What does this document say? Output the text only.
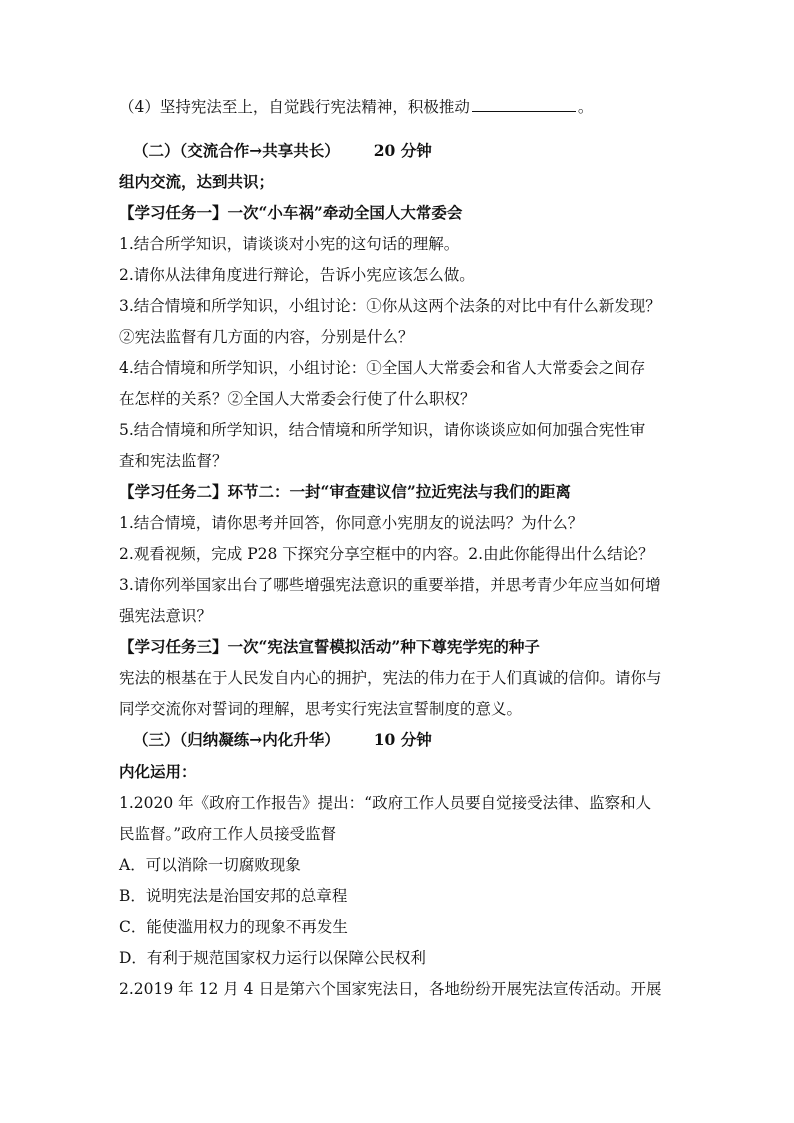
（4）坚持宪法至上，自觉践行宪法精神，积极推动	。
（二）（交流合作→共享共长） 20 分钟
组内交流，达到共识；
【学习任务一】一次“小车祸”牵动全国人大常委会
1.结合所学知识，请谈谈对小宪的这句话的理解。
2.请你从法律角度进行辩论，告诉小宪应该怎么做。
3.结合情境和所学知识，小组讨论：①你从这两个法条的对比中有什么新发现？
②宪法监督有几方面的内容，分别是什么？
4.结合情境和所学知识，小组讨论：①全国人大常委会和省人大常委会之间存
在怎样的关系？②全国人大常委会行使了什么职权？
5.结合情境和所学知识，结合情境和所学知识，请你谈谈应如何加强合宪性审
查和宪法监督？
【学习任务二】环节二：一封“审查建议信”拉近宪法与我们的距离
1.结合情境，请你思考并回答，你同意小宪朋友的说法吗？为什么？
2.观看视频，完成 P28 下探究分享空框中的内容。2.由此你能得出什么结论？
3.请你列举国家出台了哪些增强宪法意识的重要举措，并思考青少年应当如何增
强宪法意识？
【学习任务三】一次“宪法宣誓模拟活动”种下尊宪学宪的种子
宪法的根基在于人民发自内心的拥护，宪法的伟力在于人们真诚的信仰。请你与
同学交流你对誓词的理解，思考实行宪法宣誓制度的意义。
（三）（归纳凝练→内化升华） 10 分钟
内化运用：
1.2020 年《政府工作报告》提出：“政府工作人员要自觉接受法律、监察和人
民监督。”政府工作人员接受监督
A．可以消除一切腐败现象
B．说明宪法是治国安邦的总章程
C．能使滥用权力的现象不再发生
D．有利于规范国家权力运行以保障公民权利
2.2019 年 12 月 4 日是第六个国家宪法日，各地纷纷开展宪法宣传活动。开展
